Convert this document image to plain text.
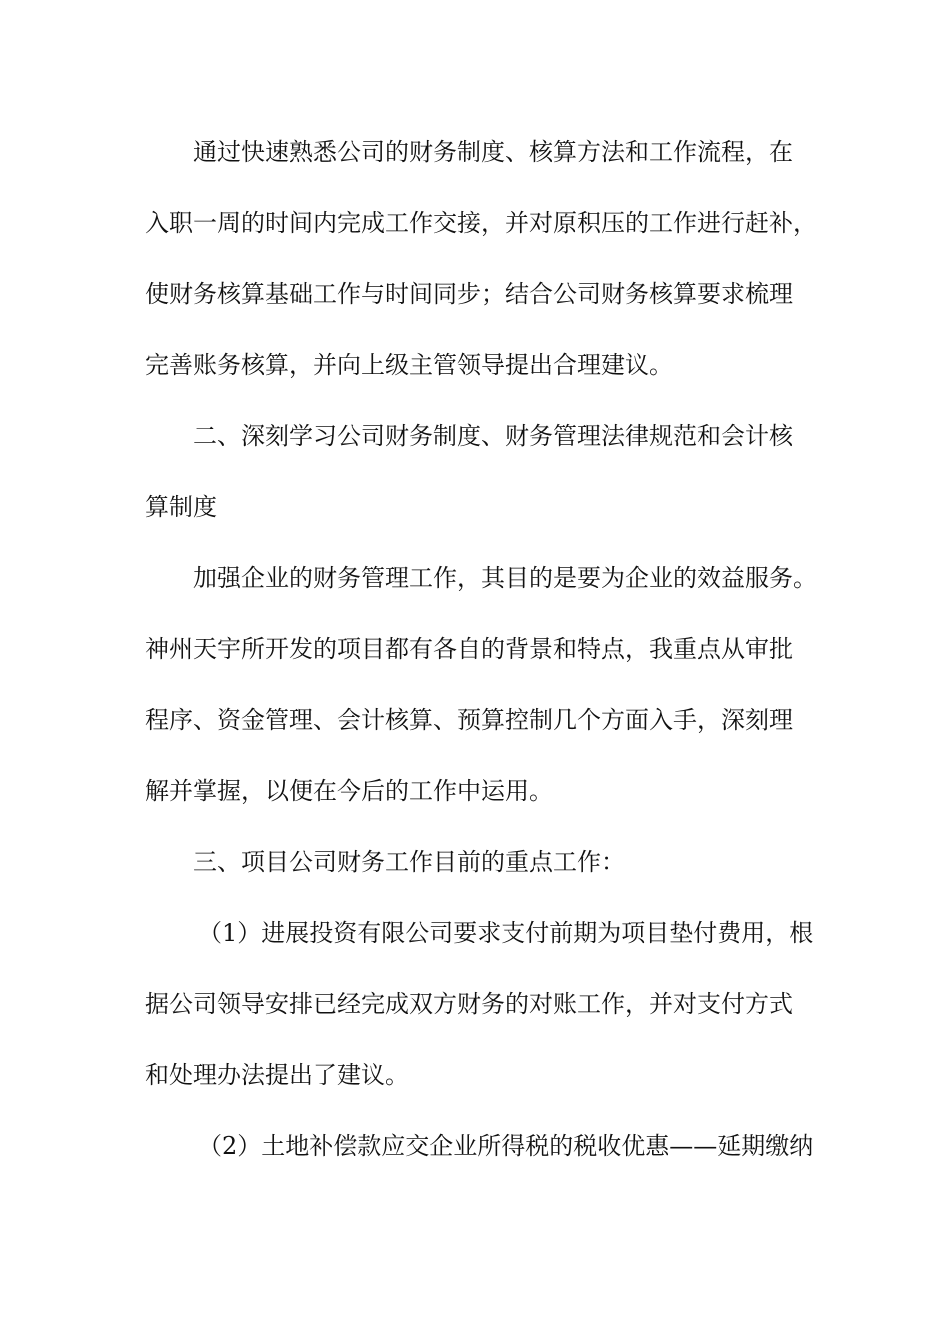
通过快速熟悉公司的财务制度、核算方法和工作流程，在
入职一周的时间内完成工作交接，并对原积压的工作进行赶补，
使财务核算基础工作与时间同步；结合公司财务核算要求梳理
完善账务核算，并向上级主管领导提出合理建议。
二、深刻学习公司财务制度、财务管理法律规范和会计核
算制度
加强企业的财务管理工作，其目的是要为企业的效益服务。
神州天宇所开发的项目都有各自的背景和特点，我重点从审批
程序、资金管理、会计核算、预算控制几个方面入手，深刻理
解并掌握，以便在今后的工作中运用。
三、项目公司财务工作目前的重点工作：
（1）进展投资有限公司要求支付前期为项目垫付费用，根
据公司领导安排已经完成双方财务的对账工作，并对支付方式
和处理办法提出了建议。
（2）土地补偿款应交企业所得税的税收优惠——延期缴纳
